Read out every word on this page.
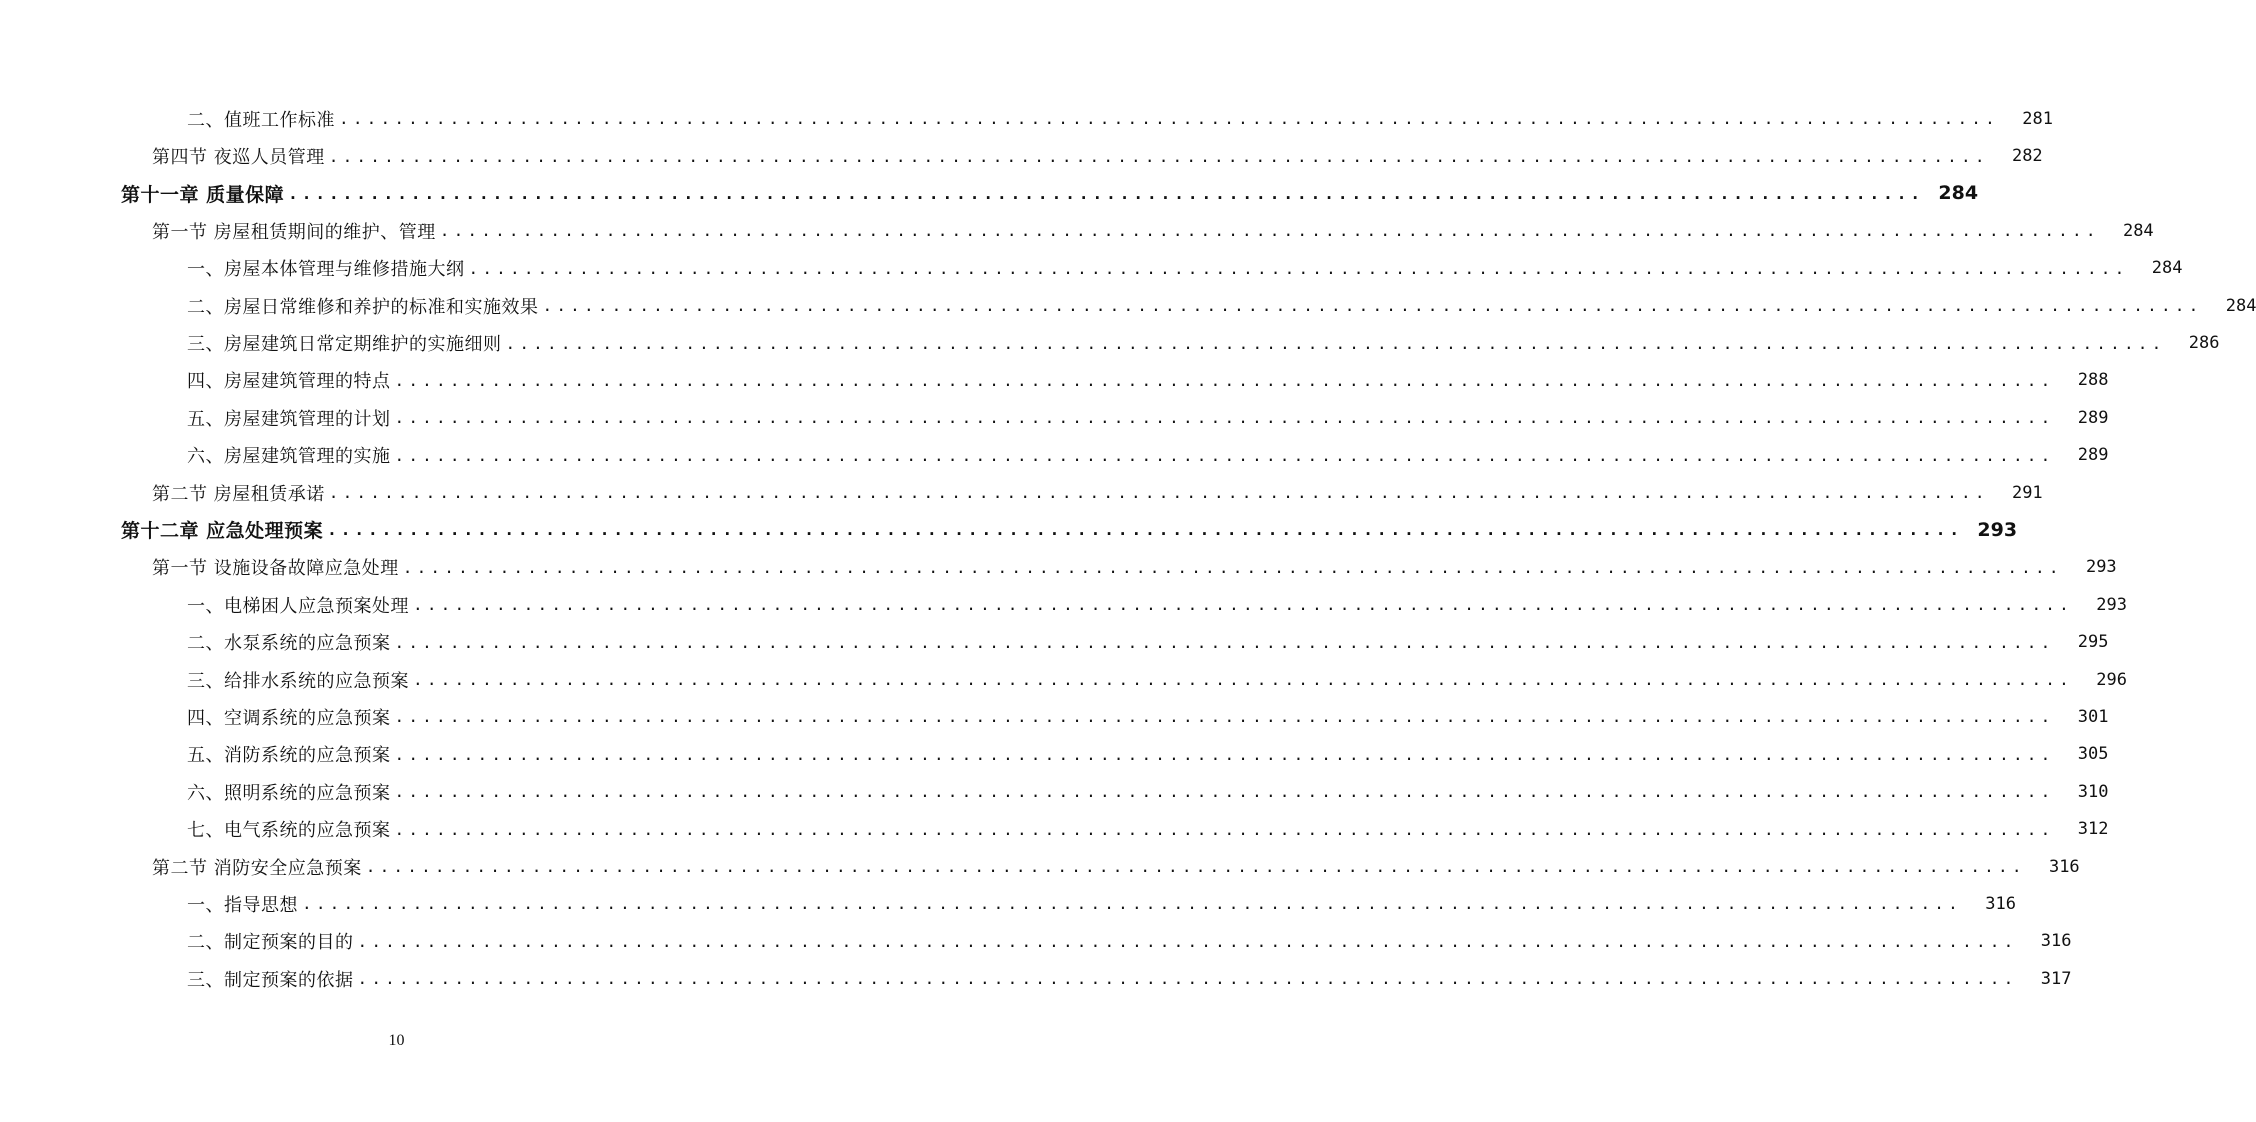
二、值班工作标准 ........................................................................................................................	281
第四节 夜巡人员管理 ........................................................................................................................	282
第十一章 质量保障 ........................................................................................................................ 284
第一节 房屋租赁期间的维护、管理 ........................................................................................................................	284
一、房屋本体管理与维修措施大纲 ........................................................................................................................	284
二、房屋日常维修和养护的标准和实施效果 ........................................................................................................................	284
三、房屋建筑日常定期维护的实施细则 ........................................................................................................................	286
四、房屋建筑管理的特点 ........................................................................................................................	288
五、房屋建筑管理的计划 ........................................................................................................................	289
六、房屋建筑管理的实施 ........................................................................................................................	289
第二节 房屋租赁承诺 ........................................................................................................................	291
第十二章 应急处理预案 ........................................................................................................................ 293
第一节 设施设备故障应急处理 ........................................................................................................................	293
一、电梯困人应急预案处理 ........................................................................................................................	293
二、水泵系统的应急预案 ........................................................................................................................	295
三、给排水系统的应急预案 ........................................................................................................................	296
四、空调系统的应急预案 ........................................................................................................................	301
五、消防系统的应急预案 ........................................................................................................................	305
六、照明系统的应急预案 ........................................................................................................................	310
七、电气系统的应急预案 ........................................................................................................................	312
第二节 消防安全应急预案 ........................................................................................................................	316
一、指导思想 ........................................................................................................................	316
二、制定预案的目的 ........................................................................................................................	316
三、制定预案的依据 ........................................................................................................................	317
10
